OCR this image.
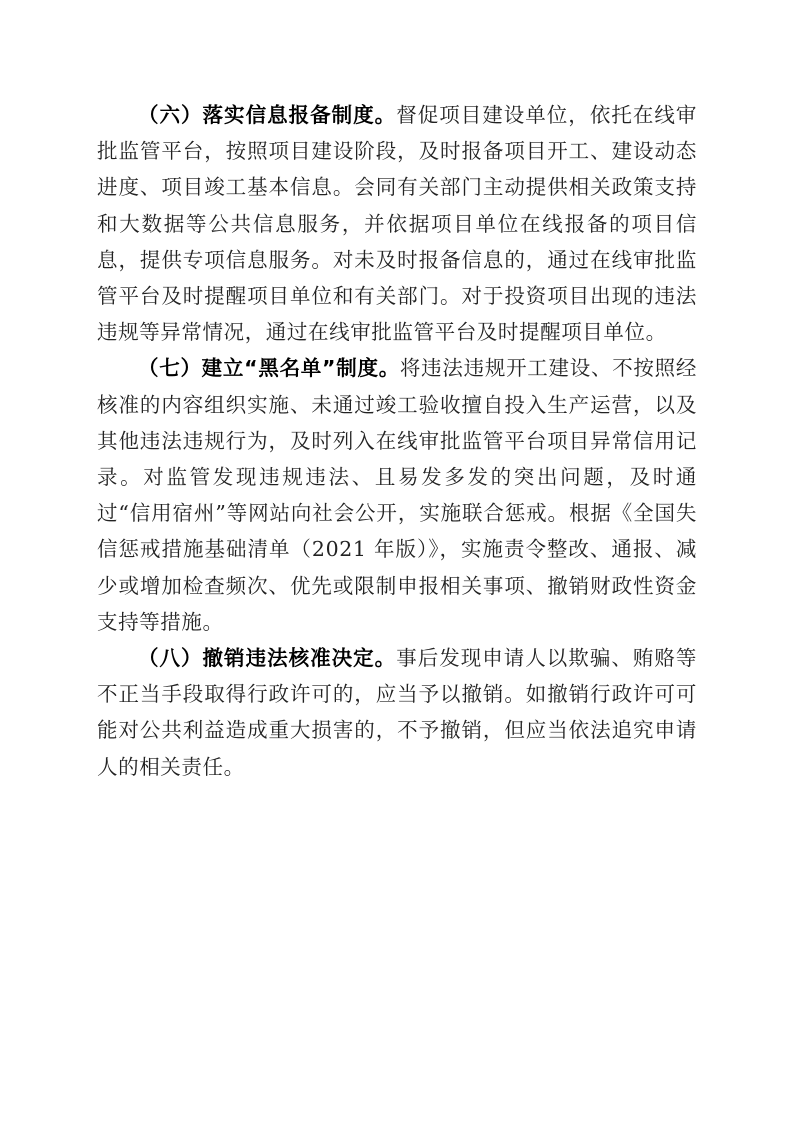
（六）落实信息报备制度。督促项目建设单位，依托在线审批监管平台，按照项目建设阶段，及时报备项目开工、建设动态进度、项目竣工基本信息。会同有关部门主动提供相关政策支持和大数据等公共信息服务，并依据项目单位在线报备的项目信息，提供专项信息服务。对未及时报备信息的，通过在线审批监管平台及时提醒项目单位和有关部门。对于投资项目出现的违法违规等异常情况，通过在线审批监管平台及时提醒项目单位。

（七）建立“黑名单”制度。将违法违规开工建设、不按照经核准的内容组织实施、未通过竣工验收擅自投入生产运营，以及其他违法违规行为，及时列入在线审批监管平台项目异常信用记录。对监管发现违规违法、且易发多发的突出问题，及时通过“信用宿州”等网站向社会公开，实施联合惩戒。根据《全国失信惩戒措施基础清单（2021 年版）》，实施责令整改、通报、减少或增加检查频次、优先或限制申报相关事项、撤销财政性资金支持等措施。

（八）撤销违法核准决定。事后发现申请人以欺骗、贿赂等不正当手段取得行政许可的，应当予以撤销。如撤销行政许可可能对公共利益造成重大损害的，不予撤销，但应当依法追究申请人的相关责任。
